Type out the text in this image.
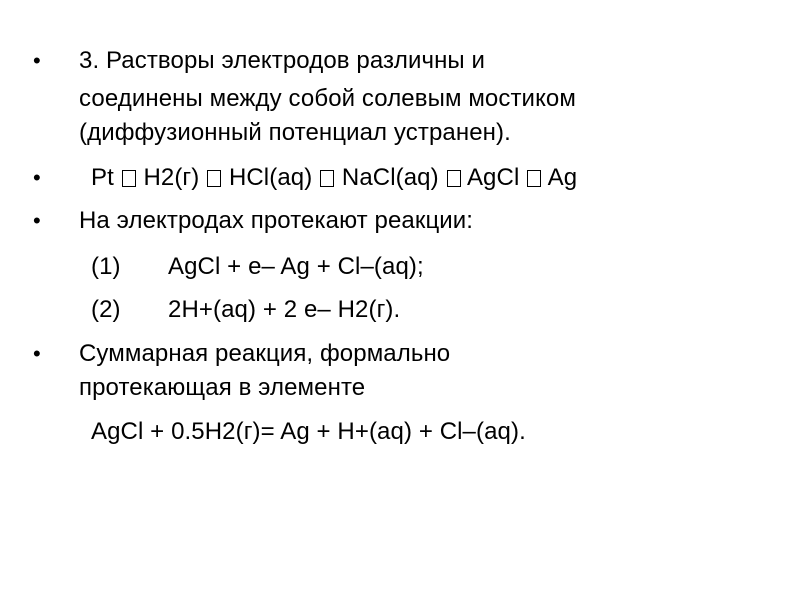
• 3. Растворы электродов различны и
соединены между собой солевым мостиком
(диффузионный потенциал устранен).
• Pt H2(г) HCl(aq) NaCl(aq) AgCl Ag
• На электродах протекают реакции:
(1) AgCl + e– Ag + Cl–(aq);
(2) 2H+(aq) + 2 e– H2(г).
• Суммарная реакция, формально
протекающая в элементе
AgCl + 0.5H2(г)= Ag + H+(aq) + Cl–(aq).
